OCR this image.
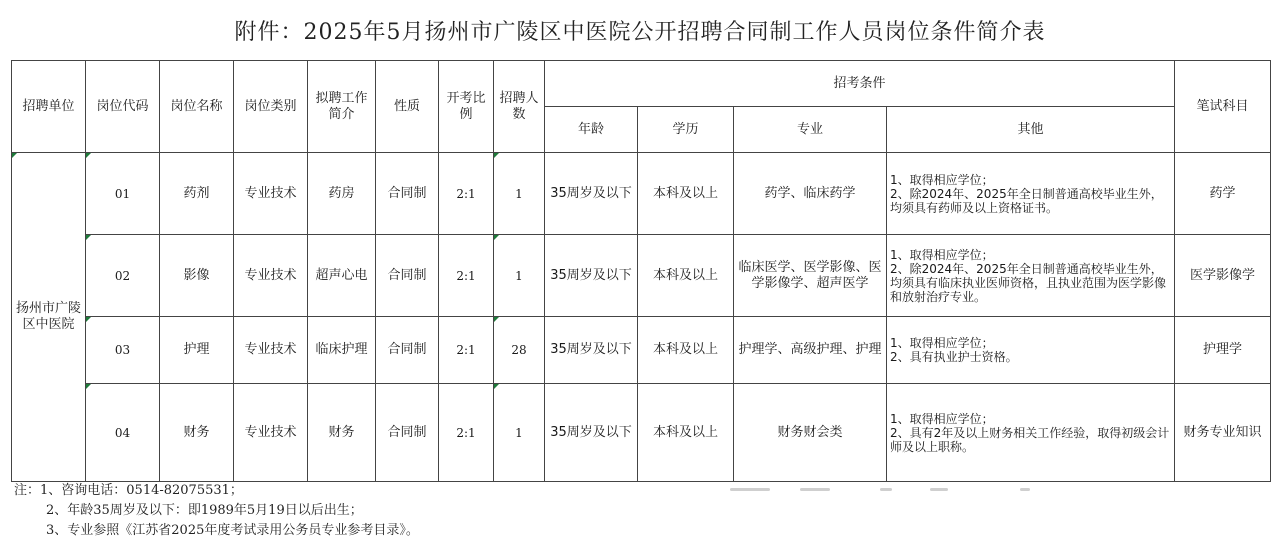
附件：2025年5月扬州市广陵区中医院公开招聘合同制工作人员岗位条件简介表
招聘单位	岗位代码	岗位名称	岗位类别	拟聘工作简介	性质	开考比例	招聘人数	招考条件				笔试科目
								年龄	学历	专业	其他	

扬州市广陵区中医院	01	药剂	专业技术	药房	合同制	2:1	1	35周岁及以下	本科及以上	药学、临床药学	1、取得相应学位；
2、除2024年、2025年全日制普通高校毕业生外，均须具有药师及以上资格证书。	药学

02	影像	专业技术	超声心电	合同制	2:1	1	35周岁及以下	本科及以上	临床医学、医学影像、医学影像学、超声医学	1、取得相应学位；
2、除2024年、2025年全日制普通高校毕业生外，均须具有临床执业医师资格，且执业范围为医学影像和放射治疗专业。	医学影像学

03	护理	专业技术	临床护理	合同制	2:1	28	35周岁及以下	本科及以上	护理学、高级护理、护理	1、取得相应学位；
2、具有执业护士资格。	护理学

04	财务	专业技术	财务	合同制	2:1	1	35周岁及以下	本科及以上	财务财会类	1、取得相应学位；
2、具有2年及以上财务相关工作经验，取得初级会计师及以上职称。	财务专业知识
注：1、咨询电话：0514-82075531；
2、年龄35周岁及以下：即1989年5月19日以后出生；
3、专业参照《江苏省2025年度考试录用公务员专业参考目录》。
